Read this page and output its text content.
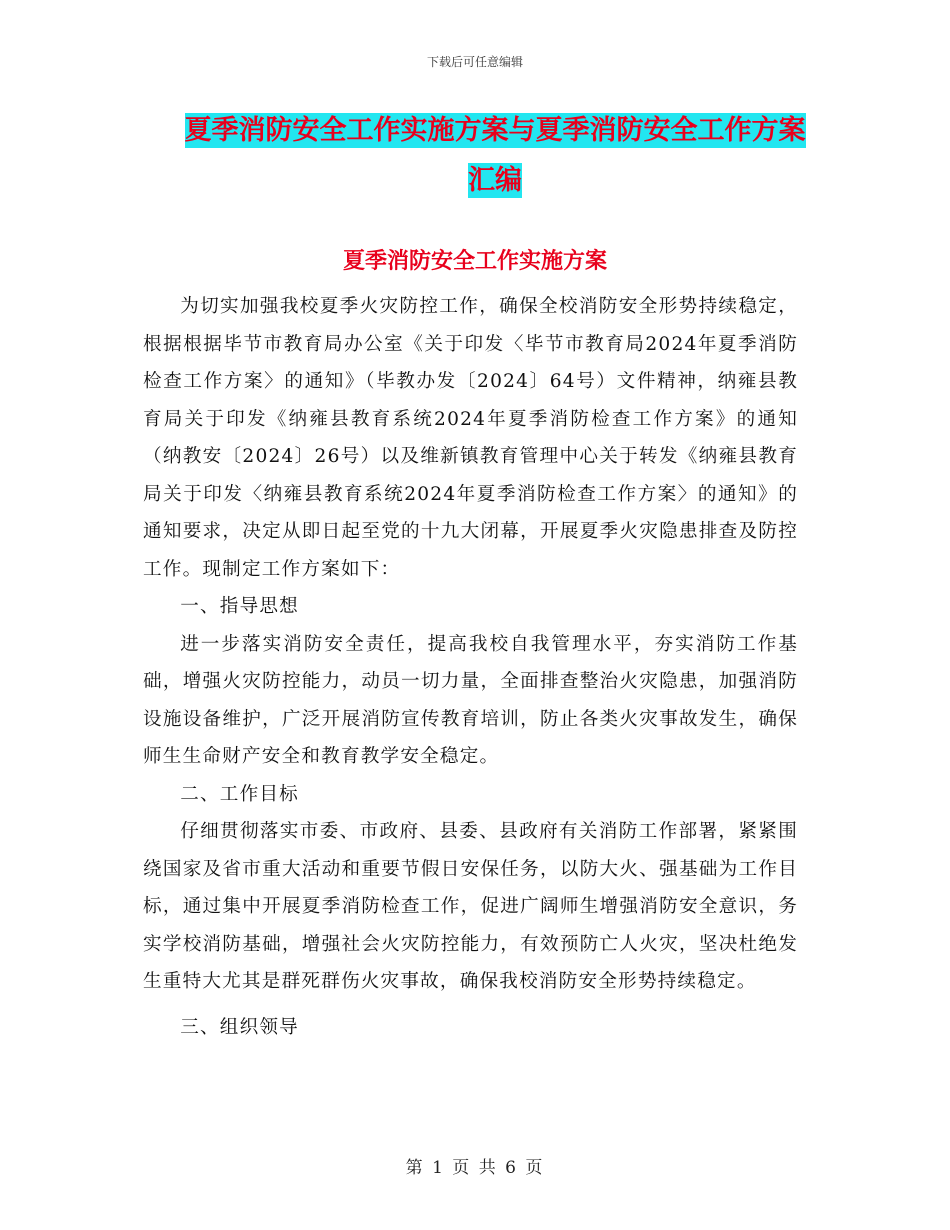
下载后可任意编辑
夏季消防安全工作实施方案与夏季消防安全工作方案
汇编
夏季消防安全工作实施方案

为切实加强我校夏季火灾防控工作，确保全校消防安全形势持续稳定，根据根据毕节市教育局办公室《关于印发〈毕节市教育局2024年夏季消防检查工作方案〉的通知》（毕教办发〔2024〕64号）文件精神，纳雍县教育局关于印发《纳雍县教育系统2024年夏季消防检查工作方案》的通知（纳教安〔2024〕26号）以及维新镇教育管理中心关于转发《纳雍县教育局关于印发〈纳雍县教育系统2024年夏季消防检查工作方案〉的通知》的通知要求，决定从即日起至党的十九大闭幕，开展夏季火灾隐患排查及防控工作。现制定工作方案如下：

一、指导思想

进一步落实消防安全责任，提高我校自我管理水平，夯实消防工作基础，增强火灾防控能力，动员一切力量，全面排查整治火灾隐患，加强消防设施设备维护，广泛开展消防宣传教育培训，防止各类火灾事故发生，确保师生生命财产安全和教育教学安全稳定。

二、工作目标

仔细贯彻落实市委、市政府、县委、县政府有关消防工作部署，紧紧围绕国家及省市重大活动和重要节假日安保任务，以防大火、强基础为工作目标，通过集中开展夏季消防检查工作，促进广阔师生增强消防安全意识，务实学校消防基础，增强社会火灾防控能力，有效预防亡人火灾，坚决杜绝发生重特大尤其是群死群伤火灾事故，确保我校消防安全形势持续稳定。

三、组织领导

第 1 页 共 6 页
